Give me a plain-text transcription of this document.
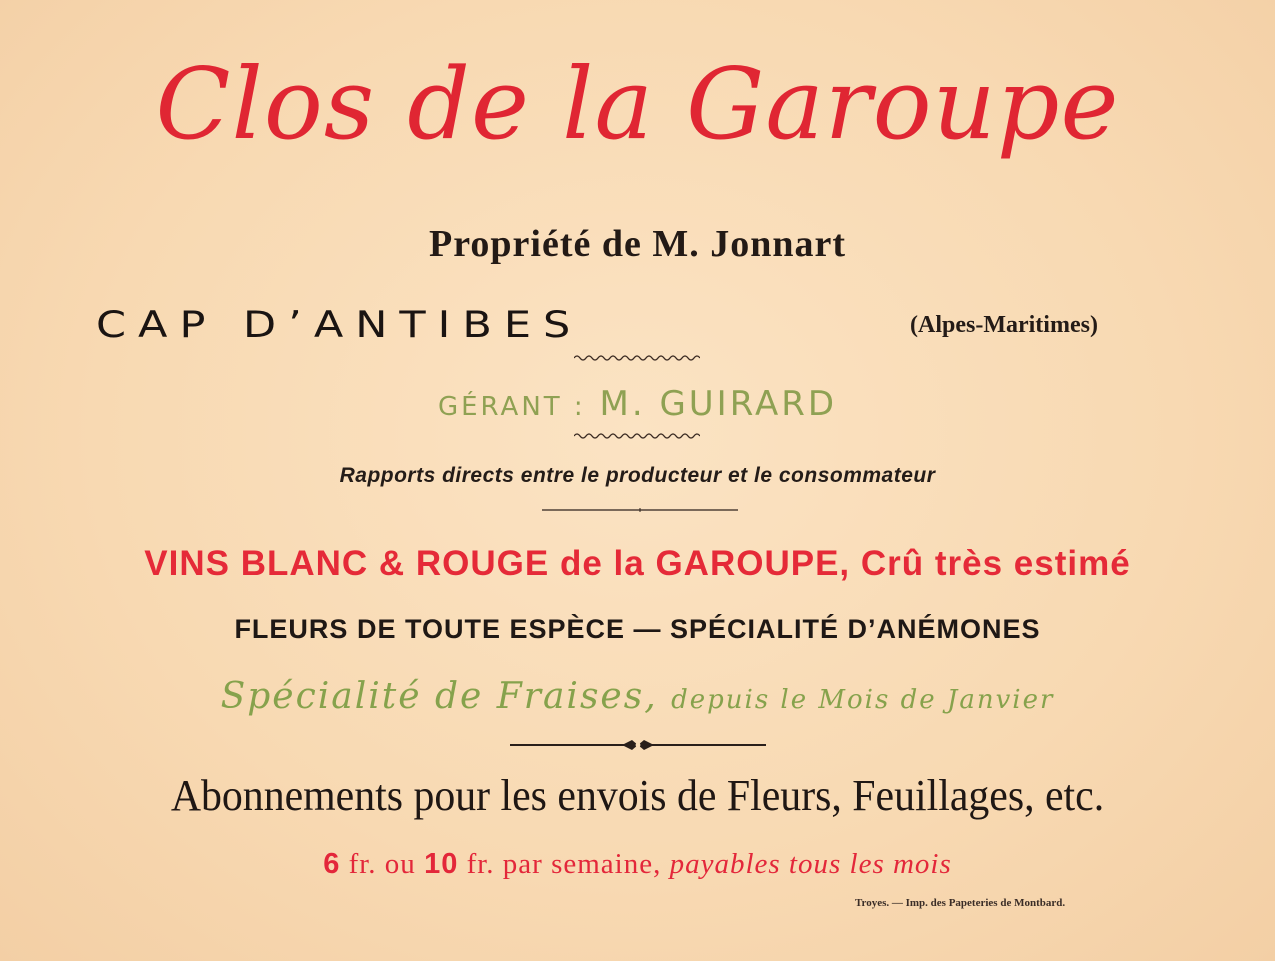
Clos de la Garoupe
Propriété de M. Jonnart
CAP D’ANTIBES	(Alpes-Maritimes)
GÉRANT : M. GUIRARD
Rapports directs entre le producteur et le consommateur
VINS BLANC & ROUGE de la GAROUPE, Crû très estimé
FLEURS DE TOUTE ESPÈCE — SPÉCIALITÉ D’ANÉMONES
Spécialité de Fraises, depuis le Mois de Janvier
Abonnements pour les envois de Fleurs, Feuillages, etc.
6 fr. ou 10 fr. par semaine, payables tous les mois
Troyes. — Imp. des Papeteries de Montbard.
